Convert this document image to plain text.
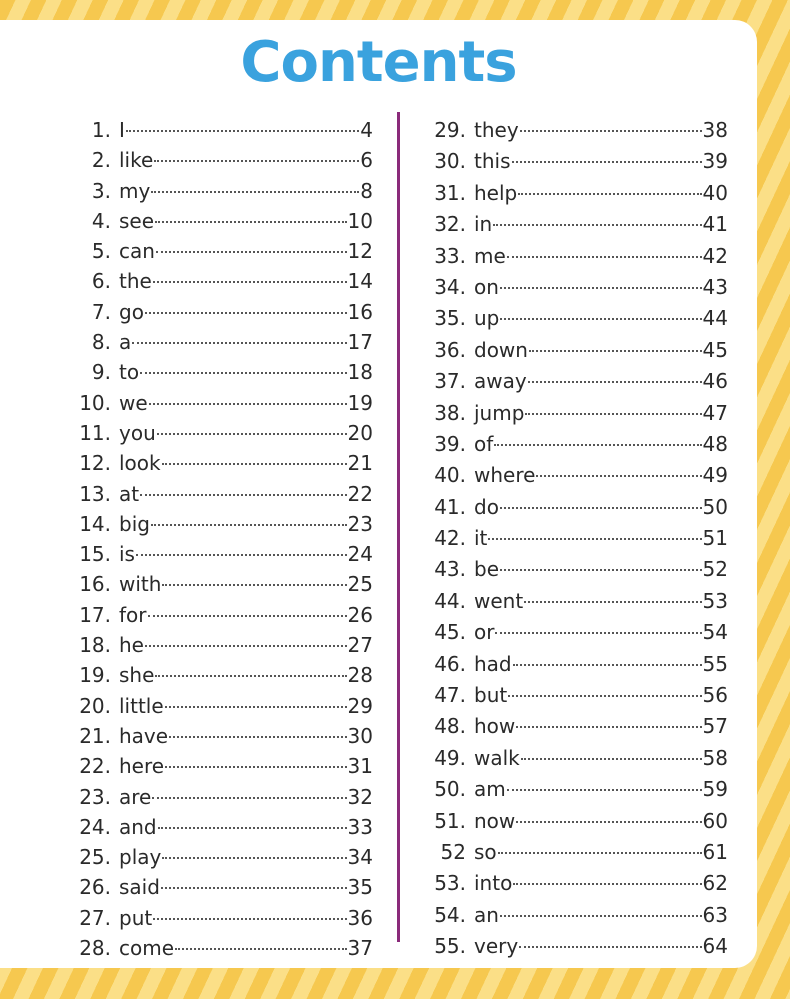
Contents
1. I	4
2. like	6
3. my	8
4. see	10
5. can	12
6. the	14
7. go	16
8. a	17
9. to	18
10. we	19
11. you	20
12. look	21
13. at	22
14. big	23
15. is	24
16. with	25
17. for	26
18. he	27
19. she	28
20. little	29
21. have	30
22. here	31
23. are	32
24. and	33
25. play	34
26. said	35
27. put	36
28. come	37
29. they	38
30. this	39
31. help	40
32. in	41
33. me	42
34. on	43
35. up	44
36. down	45
37. away	46
38. jump	47
39. of	48
40. where	49
41. do	50
42. it	51
43. be	52
44. went	53
45. or	54
46. had	55
47. but	56
48. how	57
49. walk	58
50. am	59
51. now	60
52 so	61
53. into	62
54. an	63
55. very	64
